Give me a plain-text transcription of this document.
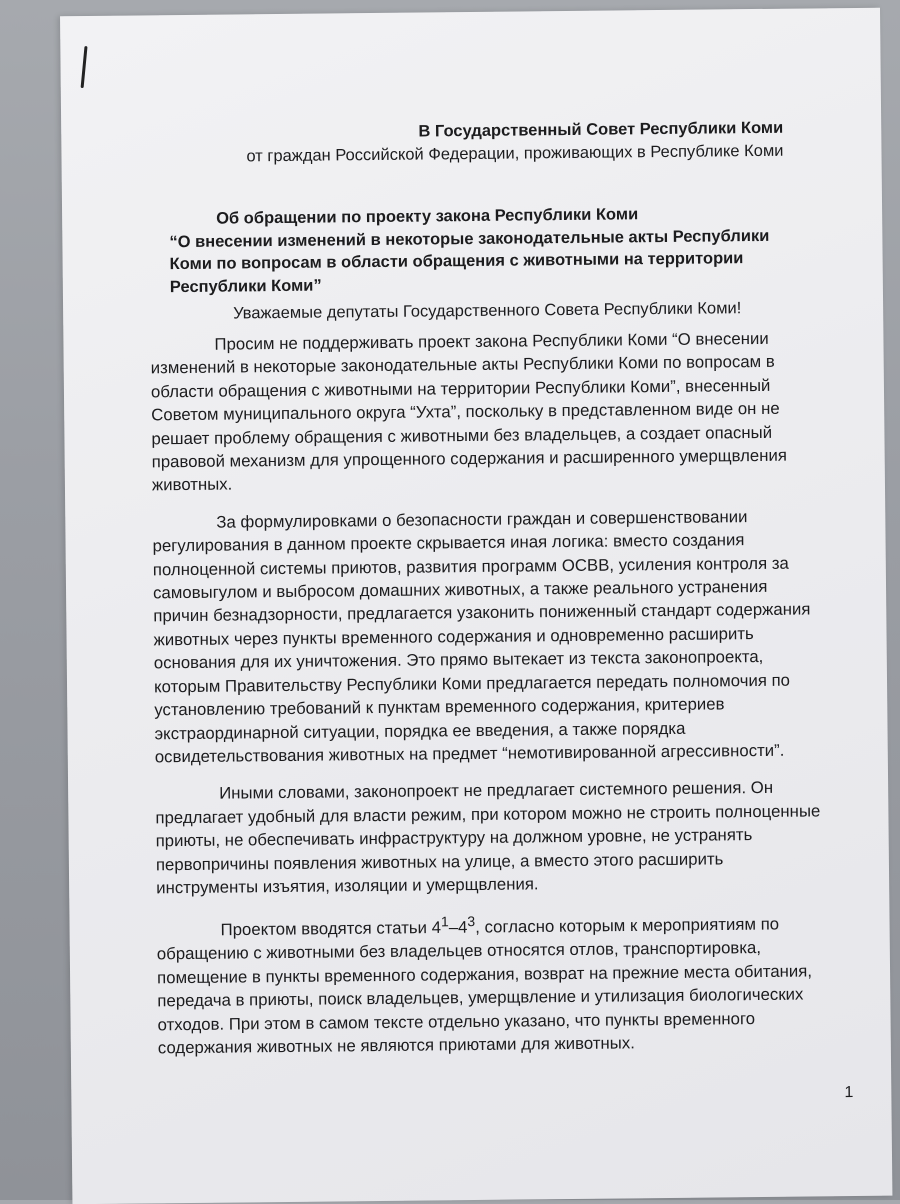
В Государственный Совет Республики Коми
от граждан Российской Федерации, проживающих в Республике Коми
Об обращении по проекту закона Республики Коми
“О внесении изменений в некоторые законодательные акты Республики Коми по вопросам в области обращения с животными на территории Республики Коми”
Уважаемые депутаты Государственного Совета Республики Коми!

Просим не поддерживать проект закона Республики Коми “О внесении изменений в некоторые законодательные акты Республики Коми по вопросам в области обращения с животными на территории Республики Коми”, внесенный Советом муниципального округа “Ухта”, поскольку в представленном виде он не решает проблему обращения с животными без владельцев, а создает опасный правовой механизм для упрощенного содержания и расширенного умерщвления животных.

За формулировками о безопасности граждан и совершенствовании регулирования в данном проекте скрывается иная логика: вместо создания полноценной системы приютов, развития программ ОСВВ, усиления контроля за самовыгулом и выбросом домашних животных, а также реального устранения причин безнадзорности, предлагается узаконить пониженный стандарт содержания животных через пункты временного содержания и одновременно расширить основания для их уничтожения. Это прямо вытекает из текста законопроекта, которым Правительству Республики Коми предлагается передать полномочия по установлению требований к пунктам временного содержания, критериев экстраординарной ситуации, порядка ее введения, а также порядка освидетельствования животных на предмет “немотивированной агрессивности”.

Иными словами, законопроект не предлагает системного решения. Он предлагает удобный для власти режим, при котором можно не строить полноценные приюты, не обеспечивать инфраструктуру на должном уровне, не устранять первопричины появления животных на улице, а вместо этого расширить инструменты изъятия, изоляции и умерщвления.

Проектом вводятся статьи $4^1-4^3$, согласно которым к мероприятиям по обращению с животными без владельцев относятся отлов, транспортировка, помещение в пункты временного содержания, возврат на прежние места обитания, передача в приюты, поиск владельцев, умерщвление и утилизация биологических отходов. При этом в самом тексте отдельно указано, что пункты временного содержания животных не являются приютами для животных.

1
